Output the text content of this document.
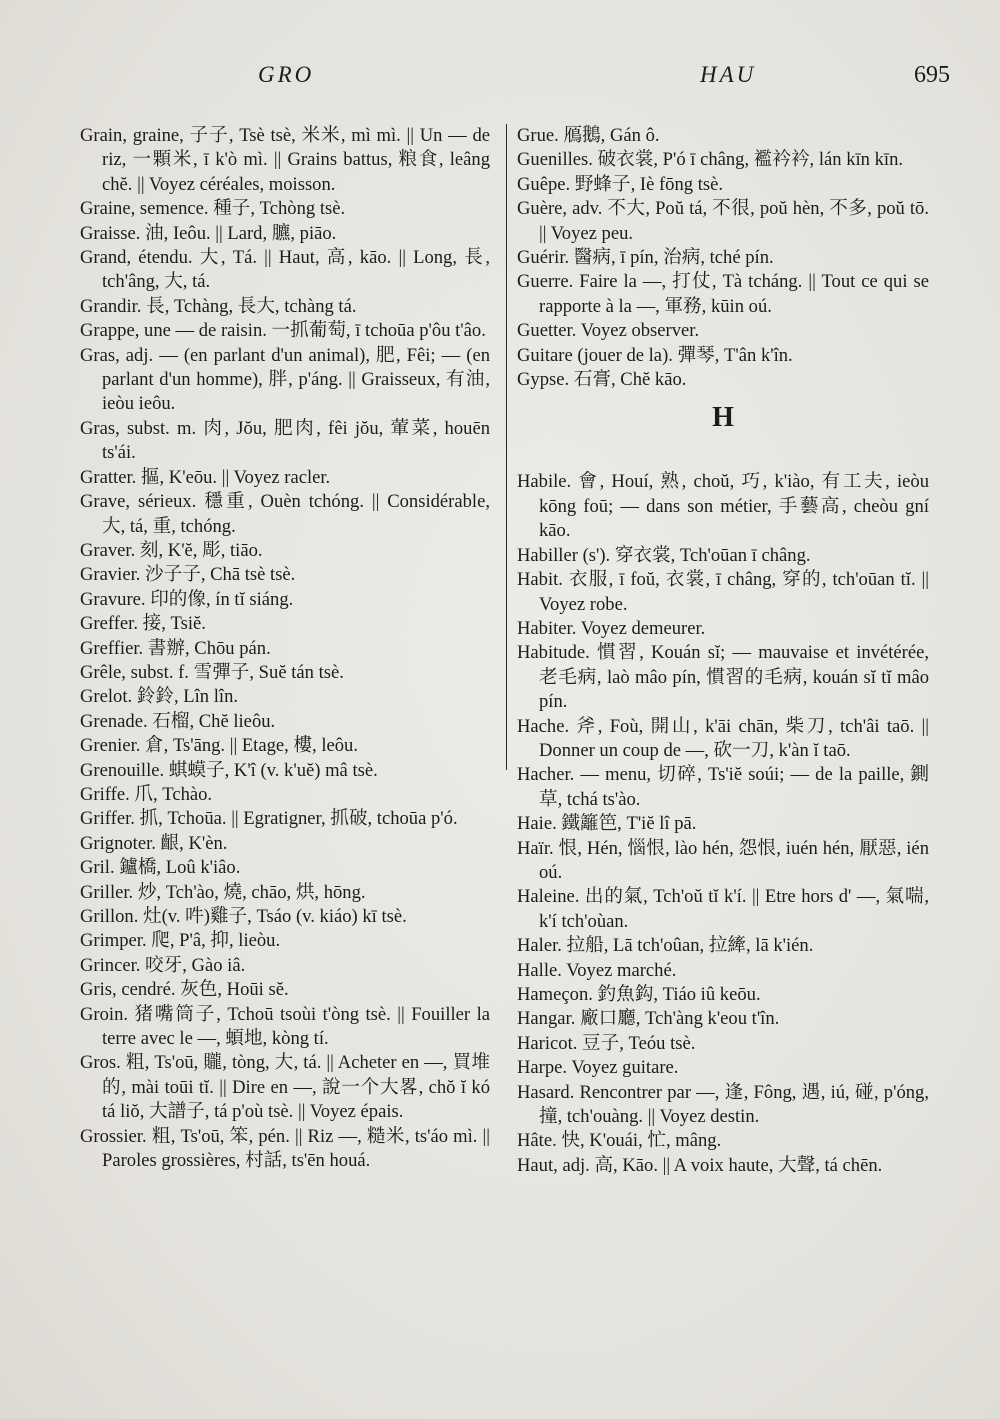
GRO	HAU	695

Grain, graine, 子子, Tsè tsè, 米米, mì mì. || Un — de riz, 一顆米, ī k'ò mì. || Grains battus, 粮食, leâng chĕ. || Voyez céréales, moisson.

Graine, semence. 種子, Tchòng tsè.

Graisse. 油, Ieôu. || Lard, 臕, piāo.

Grand, étendu. 大, Tá. || Haut, 高, kāo. || Long, 長, tch'âng, 大, tá.

Grandir. 長, Tchàng, 長大, tchàng tá.

Grappe, une — de raisin. 一抓葡萄, ī tchoūa p'ôu t'âo.

Gras, adj. — (en parlant d'un animal), 肥, Fêi; — (en parlant d'un homme), 胖, p'áng. || Graisseux, 有油, ieòu ieôu.

Gras, subst. m. 肉, Jŏu, 肥肉, fêi jŏu, 葷菜, houēn ts'ái.

Gratter. 摳, K'eōu. || Voyez racler.

Grave, sérieux. 穩重, Ouèn tchóng. || Considérable, 大, tá, 重, tchóng.

Graver. 刻, K'ĕ, 彫, tiāo.

Gravier. 沙子子, Chā tsè tsè.

Gravure. 印的像, ín tĭ siáng.

Greffer. 接, Tsiĕ.

Greffier. 書辦, Chōu pán.

Grêle, subst. f. 雪彈子, Suĕ tán tsè.

Grelot. 鈴鈴, Lîn lîn.

Grenade. 石榴, Chĕ lieôu.

Grenier. 倉, Ts'āng. || Etage, 樓, leôu.

Grenouille. 蜞蟆子, K'î (v. k'uĕ) mâ tsè.

Griffe. 爪, Tchào.

Griffer. 抓, Tchoūa. || Egratigner, 抓破, tchoūa p'ó.

Grignoter. 齦, K'èn.

Gril. 鑪橋, Loû k'iâo.

Griller. 炒, Tch'ào, 燒, chāo, 烘, hōng.

Grillon. 灶(v. 吽)雞子, Tsáo (v. kiáo) kī tsè.

Grimper. 爬, P'â, 抑, lieòu.

Grincer. 咬牙, Gào iâ.

Gris, cendré. 灰色, Hoūi sĕ.

Groin. 猪嘴筒子, Tchoū tsoùi t'òng tsè. || Fouiller la terre avec le —, 蝢地, kòng tí.

Gros. 粗, Ts'oū, 贚, tòng, 大, tá. || Acheter en —, 買堆的, mài toūi tĭ. || Dire en —, 說一个大畧, chŏ ĭ kó tá liŏ, 大譜子, tá p'où tsè. || Voyez épais.

Grossier. 粗, Ts'oū, 笨, pén. || Riz —, 糙米, ts'áo mì. || Paroles grossières, 村話, ts'ēn houá.

Grue. 鴈鵝, Gán ô.

Guenilles. 破衣裳, P'ó ī châng, 襤衿衿, lán kīn kīn.

Guêpe. 野蜂子, Iè fōng tsè.

Guère, adv. 不大, Poŭ tá, 不很, poŭ hèn, 不多, poŭ tō. || Voyez peu.

Guérir. 醫病, ī pín, 治病, tché pín.

Guerre. Faire la —, 打仗, Tà tcháng. || Tout ce qui se rapporte à la —, 軍務, kūin oú.

Guetter. Voyez observer.

Guitare (jouer de la). 彈琴, T'ân k'în.

Gypse. 石膏, Chĕ kāo.

H

Habile. 會, Houí, 熟, choŭ, 巧, k'iào, 有工夫, ieòu kōng foū; — dans son métier, 手藝高, cheòu gní kāo.

Habiller (s'). 穿衣裳, Tch'oūan ī châng.

Habit. 衣服, ī foŭ, 衣裳, ī châng, 穿的, tch'oūan tĭ. || Voyez robe.

Habiter. Voyez demeurer.

Habitude. 慣習, Kouán sĭ; — mauvaise et invétérée, 老毛病, laò mâo pín, 慣習的毛病, kouán sĭ tĭ mâo pín.

Hache. 斧, Foù, 開山, k'āi chān, 柴刀, tch'âi taō. || Donner un coup de —, 砍一刀, k'àn ĭ taō.

Hacher. — menu, 切碎, Ts'iĕ soúi; — de la paille, 鍘草, tchá ts'ào.

Haie. 鐵籬笆, T'iĕ lî pā.

Haïr. 恨, Hén, 惱恨, lào hén, 怨恨, iuén hén, 厭惡, ién oú.

Haleine. 出的氣, Tch'oŭ tĭ k'í. || Etre hors d' —, 氣喘, k'í tch'oùan.

Haler. 拉船, Lā tch'oûan, 拉縴, lā k'ién.

Halle. Voyez marché.

Hameçon. 釣魚鈎, Tiáo iû keōu.

Hangar. 廠口廳, Tch'àng k'eou t'în.

Haricot. 豆子, Teóu tsè.

Harpe. Voyez guitare.

Hasard. Rencontrer par —, 逢, Fông, 遇, iú, 碰, p'óng, 撞, tch'ouàng. || Voyez destin.

Hâte. 快, K'ouái, 忙, mâng.

Haut, adj. 高, Kāo. || A voix haute, 大聲, tá chēn.
